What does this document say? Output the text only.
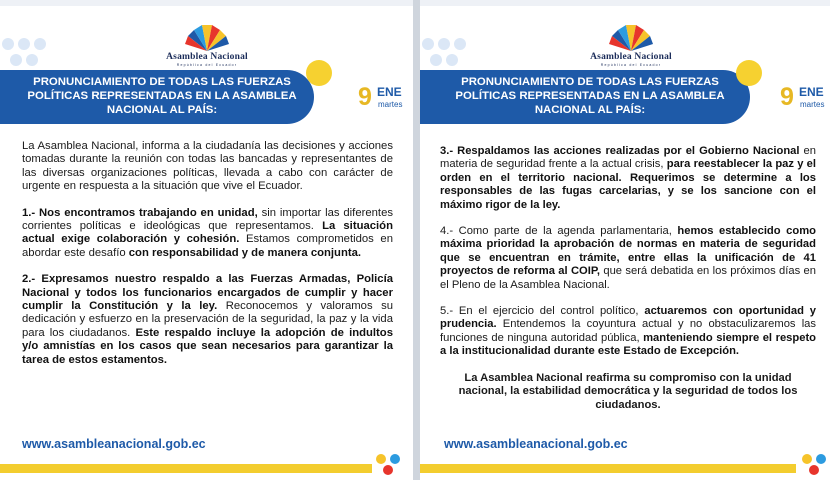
Asamblea Nacional
República del Ecuador
PRONUNCIAMIENTO DE TODAS LAS FUERZAS POLÍTICAS REPRESENTADAS EN LA ASAMBLEA NACIONAL AL PAÍS:	9 ENE
martes

La Asamblea Nacional, informa a la ciudadanía las decisiones y acciones tomadas durante la reunión con todas las bancadas y representantes de las diversas organizaciones políticas, llevada a cabo con carácter de urgente en respuesta a la situación que vive el Ecuador.

1.- Nos encontramos trabajando en unidad, sin importar las diferentes corrientes políticas e ideológicas que representamos. La situación actual exige colaboración y cohesión. Estamos comprometidos en abordar este desafío con responsabilidad y de manera conjunta.

2.- Expresamos nuestro respaldo a las Fuerzas Armadas, Policía Nacional y todos los funcionarios encargados de cumplir y hacer cumplir la Constitución y la ley. Reconocemos y valoramos su dedicación y esfuerzo en la preservación de la seguridad, la paz y la vida para los ciudadanos. Este respaldo incluye la adopción de indultos y/o amnistías en los casos que sean necesarios para garantizar la tarea de estos estamentos.

www.asambleanacional.gob.ec
Asamblea Nacional
República del Ecuador
PRONUNCIAMIENTO DE TODAS LAS FUERZAS POLÍTICAS REPRESENTADAS EN LA ASAMBLEA NACIONAL AL PAÍS:	9 ENE
martes

3.- Respaldamos las acciones realizadas por el Gobierno Nacional en materia de seguridad frente a la actual crisis, para reestablecer la paz y el orden en el territorio nacional. Requerimos se determine a los responsables de las fugas carcelarias, y se los sancione con el máximo rigor de la ley.

4.- Como parte de la agenda parlamentaria, hemos establecido como máxima prioridad la aprobación de normas en materia de seguridad que se encuentran en trámite, entre ellas la unificación de 41 proyectos de reforma al COIP, que será debatida en los próximos días en el Pleno de la Asamblea Nacional.

5.- En el ejercicio del control político, actuaremos con oportunidad y prudencia. Entendemos la coyuntura actual y no obstaculizaremos las funciones de ninguna autoridad pública, manteniendo siempre el respeto a la institucionalidad durante este Estado de Excepción.

La Asamblea Nacional reafirma su compromiso con la unidad nacional, la estabilidad democrática y la seguridad de todos los ciudadanos.

www.asambleanacional.gob.ec
